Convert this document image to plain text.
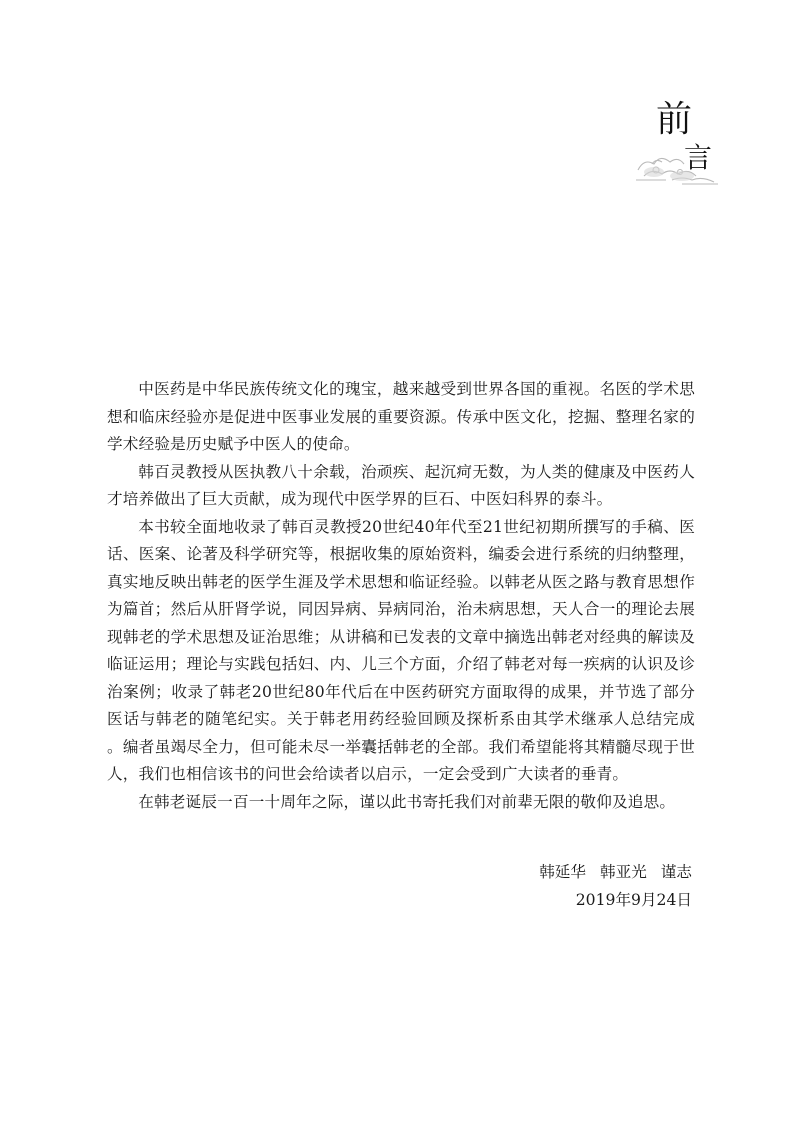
前
言

中医药是中华民族传统文化的瑰宝，越来越受到世界各国的重视。名医的学术思想和临床经验亦是促进中医事业发展的重要资源。传承中医文化，挖掘、整理名家的学术经验是历史赋予中医人的使命。

韩百灵教授从医执教八十余载，治顽疾、起沉疴无数，为人类的健康及中医药人才培养做出了巨大贡献，成为现代中医学界的巨石、中医妇科界的泰斗。

本书较全面地收录了韩百灵教授20世纪40年代至21世纪初期所撰写的手稿、医话、医案、论著及科学研究等，根据收集的原始资料，编委会进行系统的归纳整理，真实地反映出韩老的医学生涯及学术思想和临证经验。以韩老从医之路与教育思想作为篇首；然后从肝肾学说，同因异病、异病同治，治未病思想，天人合一的理论去展现韩老的学术思想及证治思维；从讲稿和已发表的文章中摘选出韩老对经典的解读及临证运用；理论与实践包括妇、内、儿三个方面，介绍了韩老对每一疾病的认识及诊治案例；收录了韩老20世纪80年代后在中医药研究方面取得的成果，并节选了部分医话与韩老的随笔纪实。关于韩老用药经验回顾及探析系由其学术继承人总结完成 。编者虽竭尽全力，但可能未尽一举囊括韩老的全部。我们希望能将其精髓尽现于世人，我们也相信该书的问世会给读者以启示，一定会受到广大读者的垂青。

在韩老诞辰一百一十周年之际，谨以此书寄托我们对前辈无限的敬仰及追思。

韩延华 韩亚光 谨志
2019年9月24日
